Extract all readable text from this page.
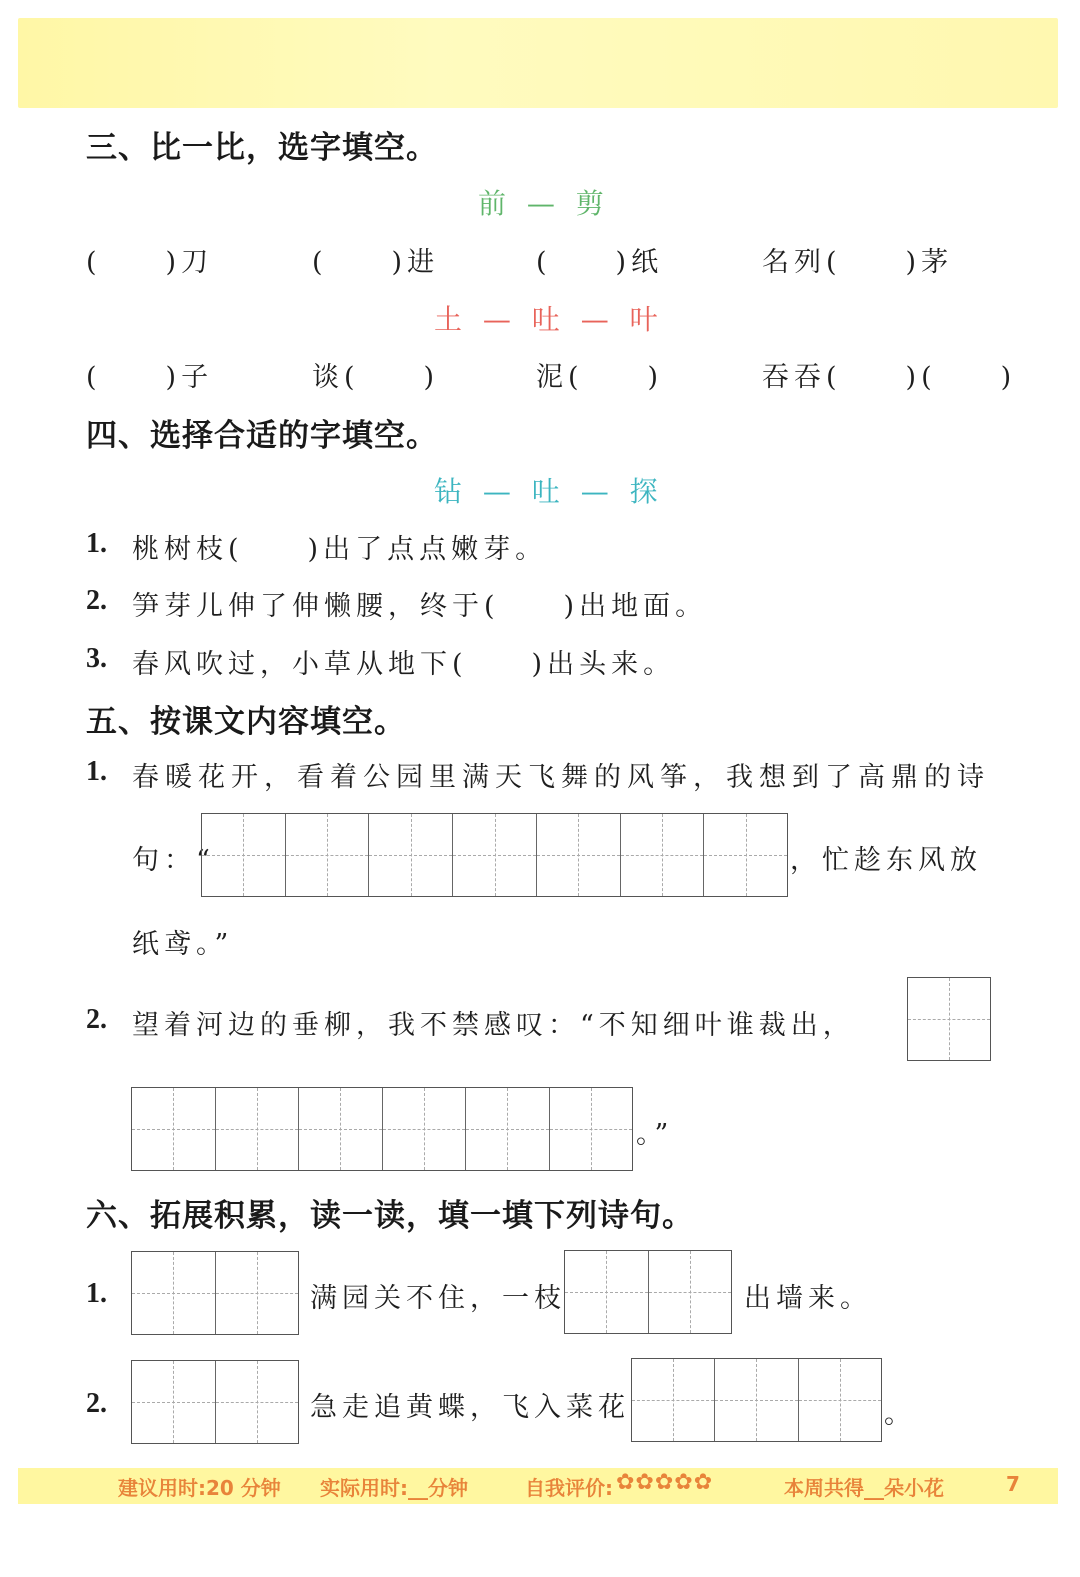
三、比一比，选字填空。
前 — 剪
(　　)刀	(　　)进	(　　)纸	名列(　　)茅
土 — 吐 — 叶
(　　)子	谈(　　)	泥(　　)	吞吞(　　)(　　)
四、选择合适的字填空。
钻 — 吐 — 探
1. 桃树枝(　　)出了点点嫩芽。
2. 笋芽儿伸了伸懒腰，终于(　　)出地面。
3. 春风吹过，小草从地下(　　)出头来。
五、按课文内容填空。
1. 春暖花开，看着公园里满天飞舞的风筝，我想到了高鼎的诗
句：“	，忙趁东风放
纸鸢。”
2. 望着河边的垂柳，我不禁感叹：“不知细叶谁裁出，
。”
六、拓展积累，读一读，填一填下列诗句。
1.	满园关不住，一枝	出墙来。
2.	急走追黄蝶，飞入菜花	。
建议用时:20 分钟 实际用时:__分钟	自我评价: ✿✿✿✿✿	本周共得__朵小花	7
